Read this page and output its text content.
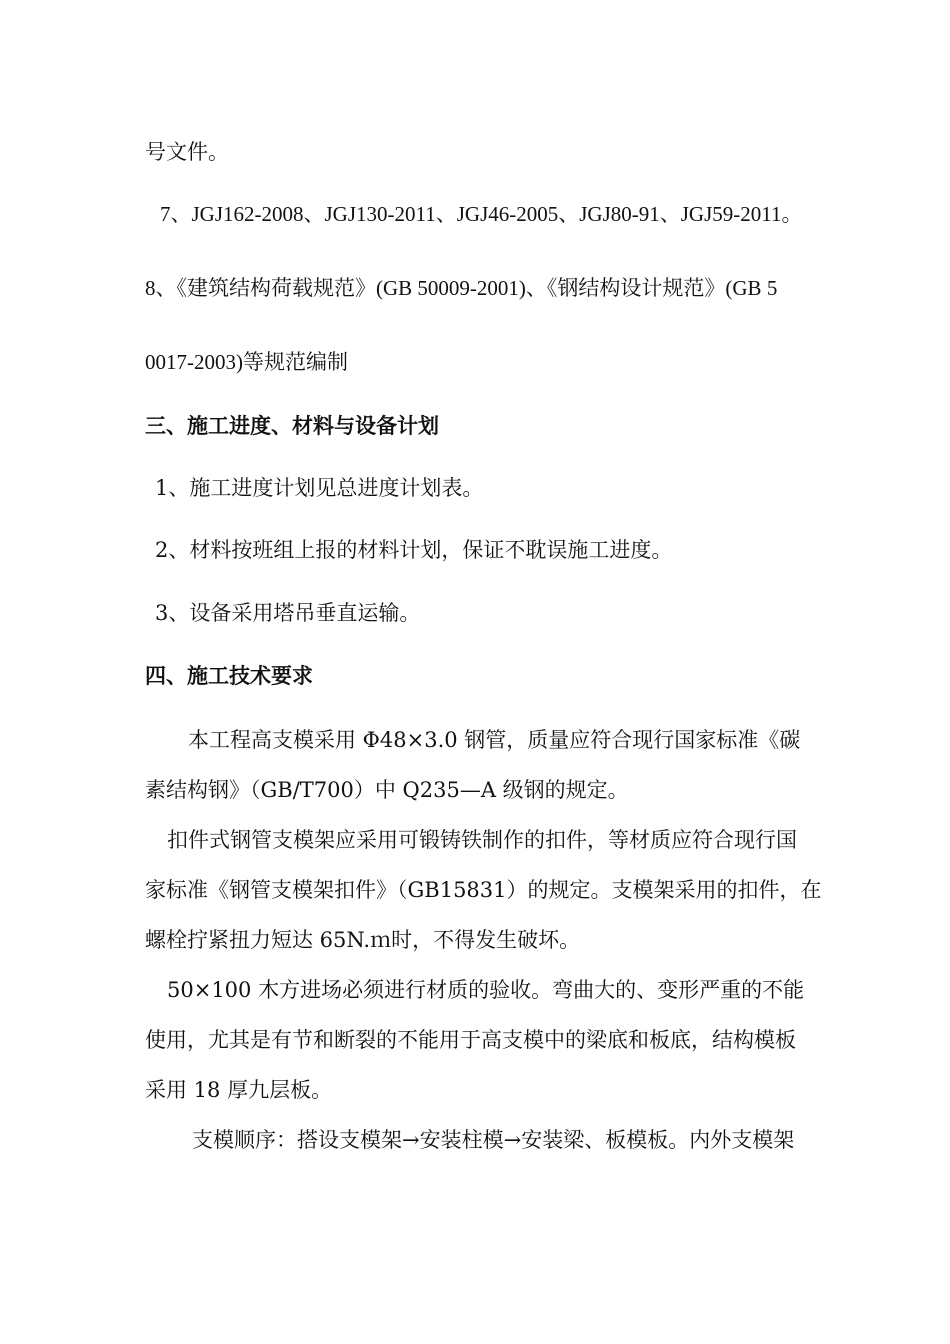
号文件。
7、JGJ162-2008、JGJ130-2011、JGJ46-2005、JGJ80-91、JGJ59-2011。
8、《建筑结构荷载规范》(GB 50009-2001)、《钢结构设计规范》(GB 5
0017-2003)等规范编制
三、施工进度、材料与设备计划
1、施工进度计划见总进度计划表。
2、材料按班组上报的材料计划，保证不耽误施工进度。
3、设备采用塔吊垂直运输。
四、施工技术要求
本工程高支模采用 Φ48×3.0 钢管，质量应符合现行国家标准《碳
素结构钢》（GB/T700）中 Q235—A 级钢的规定。
扣件式钢管支模架应采用可锻铸铁制作的扣件，等材质应符合现行国
家标准《钢管支模架扣件》（GB15831）的规定。支模架采用的扣件，在
螺栓拧紧扭力短达 65N.ｍ时，不得发生破坏。
50×100 木方进场必须进行材质的验收。弯曲大的、变形严重的不能
使用，尤其是有节和断裂的不能用于高支模中的梁底和板底，结构模板
采用 18 厚九层板。
支模顺序：搭设支模架→安装柱模→安装梁、板模板。内外支模架
